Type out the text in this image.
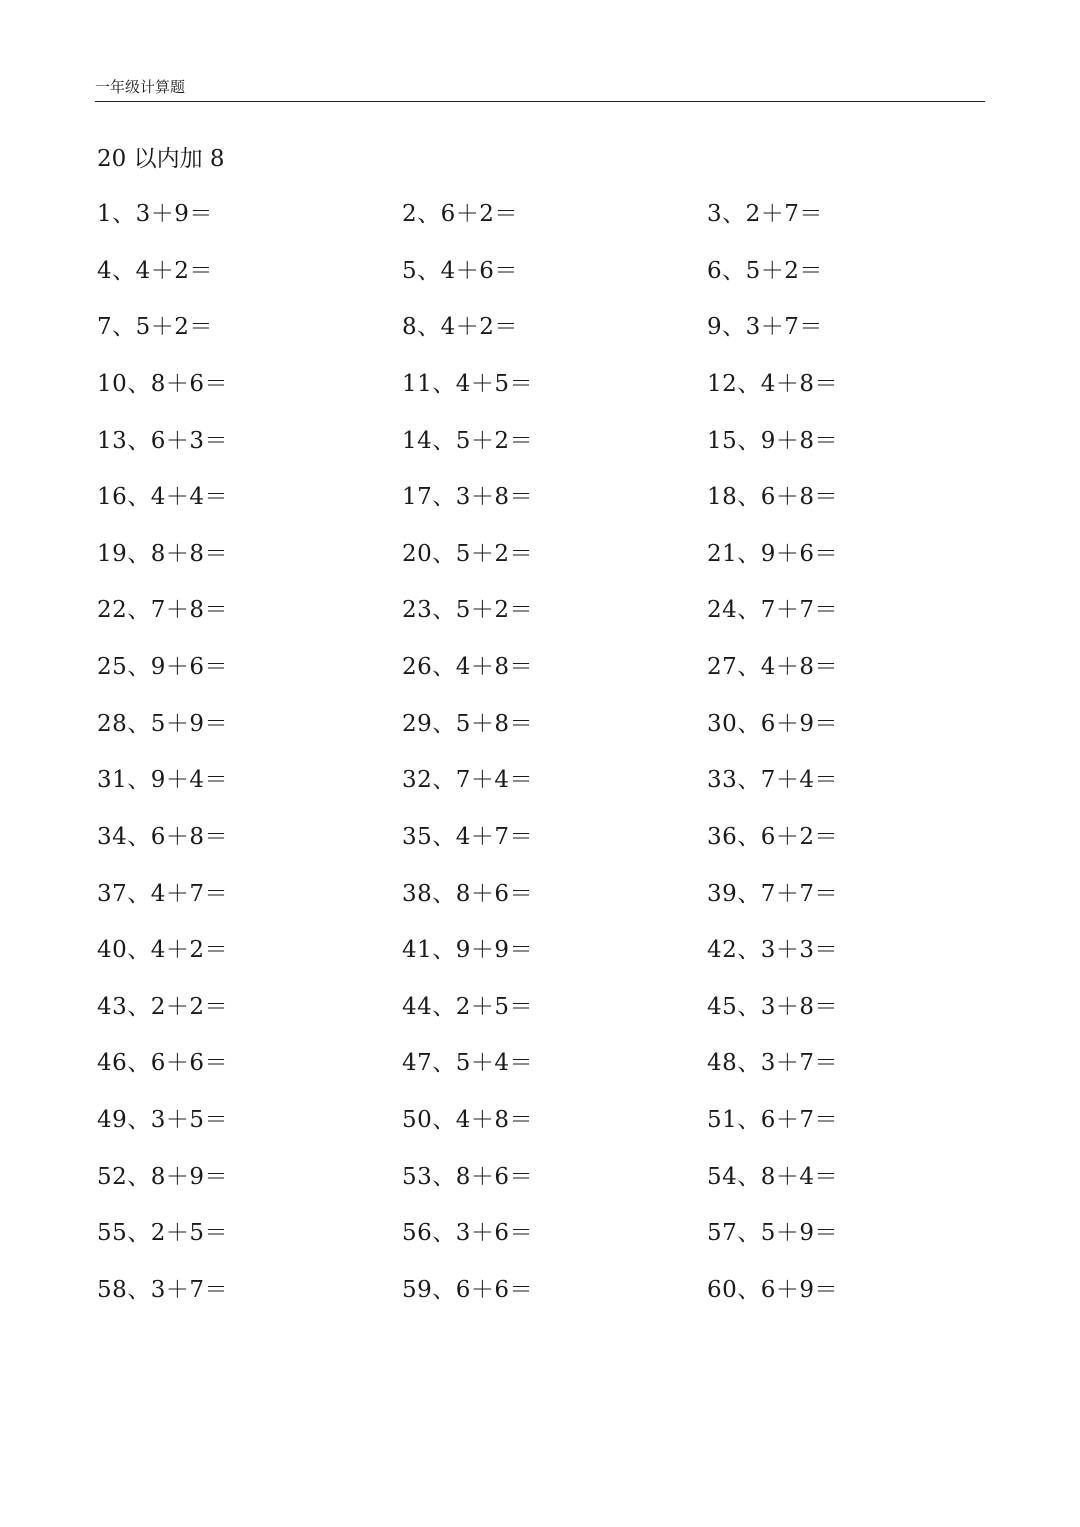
一年级计算题
20 以内加 8
1、3＋9＝	2、6＋2＝	3、2＋7＝
4、4＋2＝	5、4＋6＝	6、5＋2＝
7、5＋2＝	8、4＋2＝	9、3＋7＝
10、8＋6＝	11、4＋5＝	12、4＋8＝
13、6＋3＝	14、5＋2＝	15、9＋8＝
16、4＋4＝	17、3＋8＝	18、6＋8＝
19、8＋8＝	20、5＋2＝	21、9＋6＝
22、7＋8＝	23、5＋2＝	24、7＋7＝
25、9＋6＝	26、4＋8＝	27、4＋8＝
28、5＋9＝	29、5＋8＝	30、6＋9＝
31、9＋4＝	32、7＋4＝	33、7＋4＝
34、6＋8＝	35、4＋7＝	36、6＋2＝
37、4＋7＝	38、8＋6＝	39、7＋7＝
40、4＋2＝	41、9＋9＝	42、3＋3＝
43、2＋2＝	44、2＋5＝	45、3＋8＝
46、6＋6＝	47、5＋4＝	48、3＋7＝
49、3＋5＝	50、4＋8＝	51、6＋7＝
52、8＋9＝	53、8＋6＝	54、8＋4＝
55、2＋5＝	56、3＋6＝	57、5＋9＝
58、3＋7＝	59、6＋6＝	60、6＋9＝
